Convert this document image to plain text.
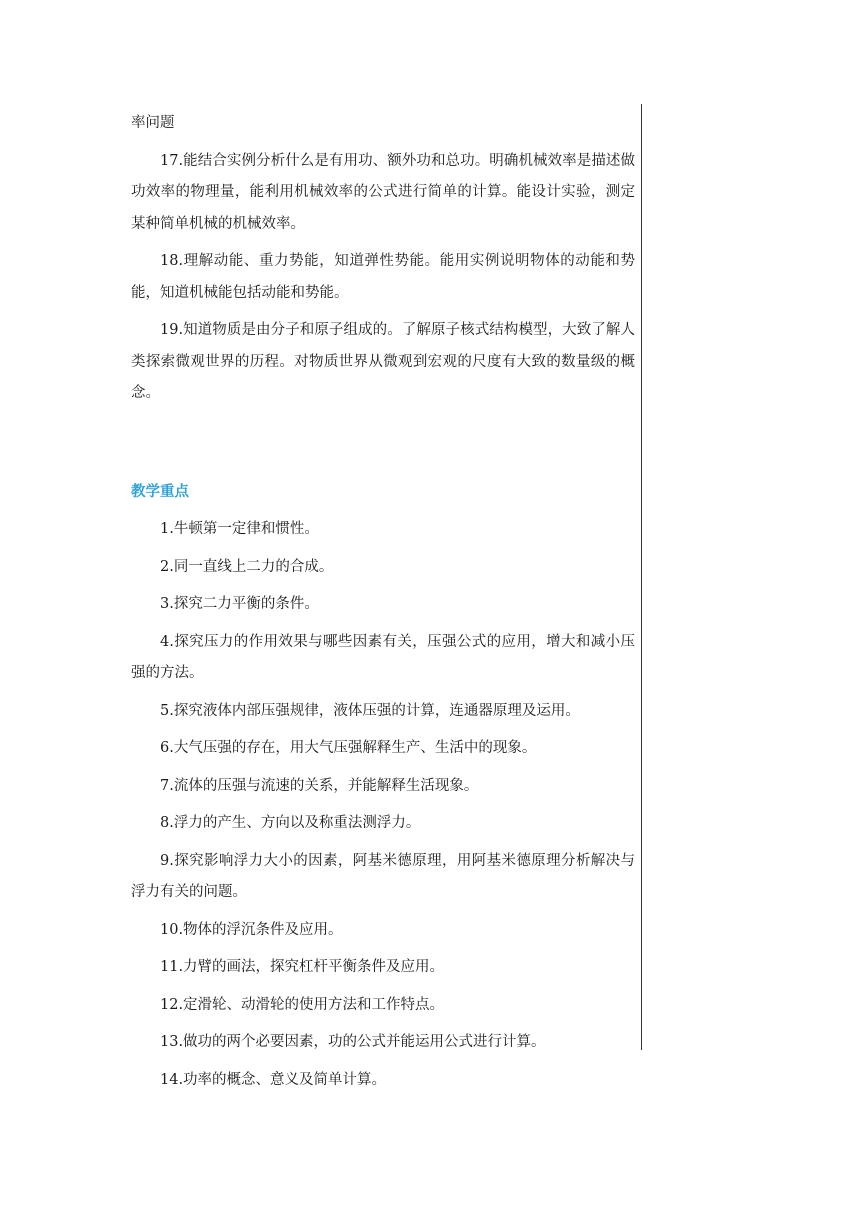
率问题

17.能结合实例分析什么是有用功、额外功和总功。明确机械效率是描述做功效率的物理量，能利用机械效率的公式进行简单的计算。能设计实验，测定某种简单机械的机械效率。

18.理解动能、重力势能，知道弹性势能。能用实例说明物体的动能和势能，知道机械能包括动能和势能。

19.知道物质是由分子和原子组成的。了解原子核式结构模型，大致了解人类探索微观世界的历程。对物质世界从微观到宏观的尺度有大致的数量级的概念。

教学重点

1.牛顿第一定律和惯性。

2.同一直线上二力的合成。

3.探究二力平衡的条件。

4.探究压力的作用效果与哪些因素有关，压强公式的应用，增大和减小压强的方法。

5.探究液体内部压强规律，液体压强的计算，连通器原理及运用。

6.大气压强的存在，用大气压强解释生产、生活中的现象。

7.流体的压强与流速的关系，并能解释生活现象。

8.浮力的产生、方向以及称重法测浮力。

9.探究影响浮力大小的因素，阿基米德原理，用阿基米德原理分析解决与浮力有关的问题。

10.物体的浮沉条件及应用。

11.力臂的画法，探究杠杆平衡条件及应用。

12.定滑轮、动滑轮的使用方法和工作特点。

13.做功的两个必要因素，功的公式并能运用公式进行计算。

14.功率的概念、意义及简单计算。
